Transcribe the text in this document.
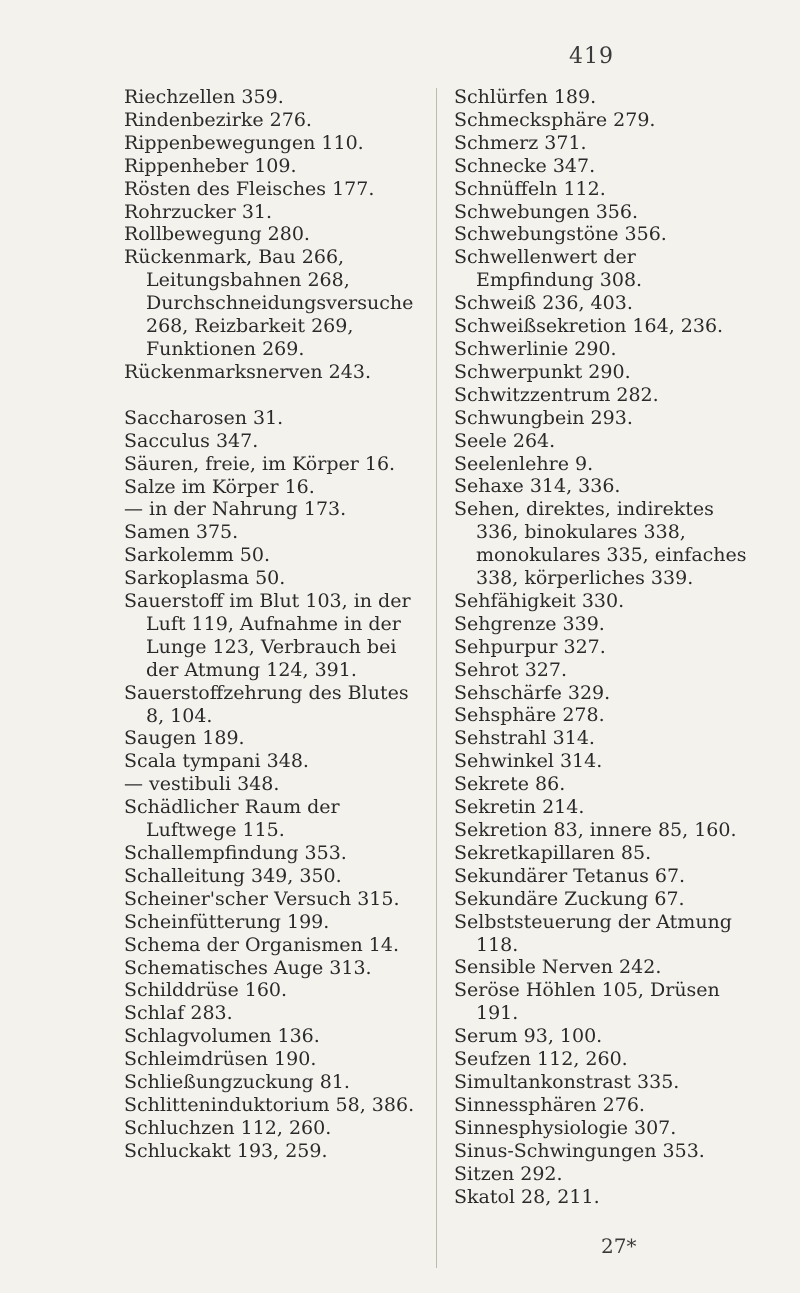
419

Riechzellen 359.

Rindenbezirke 276.

Rippenbewegungen 110.

Rippenheber 109.

Rösten des Fleisches 177.

Rohrzucker 31.

Rollbewegung 280.

Rückenmark, Bau 266, Leitungsbahnen 268, Durchschneidungsversuche 268, Reizbarkeit 269, Funktionen 269.

Rückenmarksnerven 243.

Saccharosen 31.

Sacculus 347.

Säuren, freie, im Körper 16.

Salze im Körper 16.

— in der Nahrung 173.

Samen 375.

Sarkolemm 50.

Sarkoplasma 50.

Sauerstoff im Blut 103, in der Luft 119, Aufnahme in der Lunge 123, Verbrauch bei der Atmung 124, 391.

Sauerstoffzehrung des Blutes 8, 104.

Saugen 189.

Scala tympani 348.

— vestibuli 348.

Schädlicher Raum der Luftwege 115.

Schallempfindung 353.

Schalleitung 349, 350.

Scheiner'scher Versuch 315.

Scheinfütterung 199.

Schema der Organismen 14.

Schematisches Auge 313.

Schilddrüse 160.

Schlaf 283.

Schlagvolumen 136.

Schleimdrüsen 190.

Schließungzuckung 81.

Schlitteninduktorium 58, 386.

Schluchzen 112, 260.

Schluckakt 193, 259.

Schlürfen 189.

Schmecksphäre 279.

Schmerz 371.

Schnecke 347.

Schnüffeln 112.

Schwebungen 356.

Schwebungstöne 356.

Schwellenwert der Empfindung 308.

Schweiß 236, 403.

Schweißsekretion 164, 236.

Schwerlinie 290.

Schwerpunkt 290.

Schwitzzentrum 282.

Schwungbein 293.

Seele 264.

Seelenlehre 9.

Sehaxe 314, 336.

Sehen, direktes, indirektes 336, binokulares 338, monokulares 335, einfaches 338, körperliches 339.

Sehfähigkeit 330.

Sehgrenze 339.

Sehpurpur 327.

Sehrot 327.

Sehschärfe 329.

Sehsphäre 278.

Sehstrahl 314.

Sehwinkel 314.

Sekrete 86.

Sekretin 214.

Sekretion 83, innere 85, 160.

Sekretkapillaren 85.

Sekundärer Tetanus 67.

Sekundäre Zuckung 67.

Selbststeuerung der Atmung 118.

Sensible Nerven 242.

Seröse Höhlen 105, Drüsen 191.

Serum 93, 100.

Seufzen 112, 260.

Simultankonstrast 335.

Sinnessphären 276.

Sinnesphysiologie 307.

Sinus-Schwingungen 353.

Sitzen 292.

Skatol 28, 211.

27*
